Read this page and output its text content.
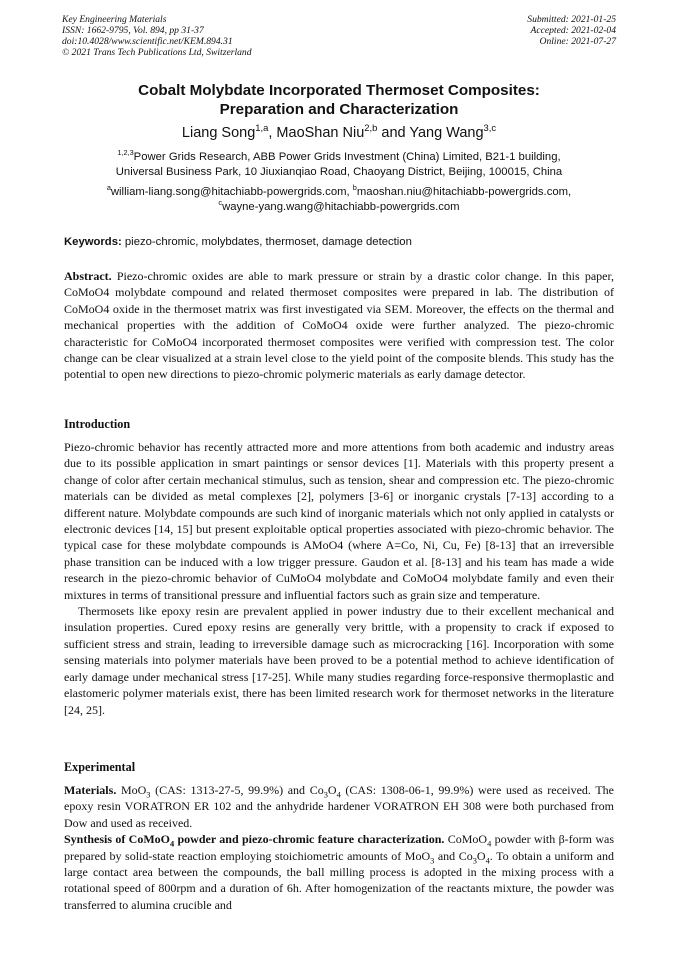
Key Engineering Materials
ISSN: 1662-9795, Vol. 894, pp 31-37
doi:10.4028/www.scientific.net/KEM.894.31
© 2021 Trans Tech Publications Ltd, Switzerland
Submitted: 2021-01-25
Accepted: 2021-02-04
Online: 2021-07-27
Cobalt Molybdate Incorporated Thermoset Composites:
Preparation and Characterization
Liang Song$^{1,a}$, MaoShan Niu$^{2,b}$ and Yang Wang$^{3,c}$
$^{1,2,3}$Power Grids Research, ABB Power Grids Investment (China) Limited, B21-1 building,
Universal Business Park, 10 Jiuxianqiao Road, Chaoyang District, Beijing, 100015, China
$^a$william-liang.song@hitachiabb-powergrids.com, $^b$maoshan.niu@hitachiabb-powergrids.com,
$^c$wayne-yang.wang@hitachiabb-powergrids.com
Keywords: piezo-chromic, molybdates, thermoset, damage detection

Abstract. Piezo-chromic oxides are able to mark pressure or strain by a drastic color change. In this paper, CoMoO4 molybdate compound and related thermoset composites were prepared in lab. The distribution of CoMoO4 oxide in the thermoset matrix was first investigated via SEM. Moreover, the effects on the thermal and mechanical properties with the addition of CoMoO4 oxide were further analyzed. The piezo-chromic characteristic for CoMoO4 incorporated thermoset composites were verified with compression test. The color change can be clear visualized at a strain level close to the yield point of the composite blends. This study has the potential to open new directions to piezo-chromic polymeric materials as early damage detector.

Introduction

Piezo-chromic behavior has recently attracted more and more attentions from both academic and industry areas due to its possible application in smart paintings or sensor devices [1]. Materials with this property present a change of color after certain mechanical stimulus, such as tension, shear and compression etc. The piezo-chromic materials can be divided as metal complexes [2], polymers [3-6] or inorganic crystals [7-13] according to a different nature. Molybdate compounds are such kind of inorganic materials which not only applied in catalysts or electronic devices [14, 15] but present exploitable optical properties associated with piezo-chromic behavior. The typical case for these molybdate compounds is AMoO4 (where A=Co, Ni, Cu, Fe) [8-13] that an irreversible phase transition can be induced with a low trigger pressure. Gaudon et al. [8-13] and his team has made a wide research in the piezo-chromic behavior of CuMoO4 molybdate and CoMoO4 molybdate family and even their mixtures in terms of transitional pressure and influential factors such as grain size and temperature.

Thermosets like epoxy resin are prevalent applied in power industry due to their excellent mechanical and insulation properties. Cured epoxy resins are generally very brittle, with a propensity to crack if exposed to sufficient stress and strain, leading to irreversible damage such as microcracking [16]. Incorporation with some sensing materials into polymer materials have been proved to be a potential method to achieve identification of early damage under mechanical stress [17-25]. While many studies regarding force-responsive thermoplastic and elastomeric polymer materials exist, there has been limited research work for thermoset networks in the literature [24, 25].

Experimental

Materials. MoO$_3$ (CAS: 1313-27-5, 99.9%) and $Co_3O_4$ (CAS: 1308-06-1, 99.9%) were used as received. The epoxy resin VORATRON ER 102 and the anhydride hardener VORATRON EH 308 were both purchased from Dow and used as received.

Synthesis of CoMoO$_4$ powder and piezo-chromic feature characterization. CoMoO$_4$ powder with β-form was prepared by solid-state reaction employing stoichiometric amounts of MoO$_3$ and $Co_3O_4$. To obtain a uniform and large contact area between the compounds, the ball milling process is adopted in the mixing process with a rotational speed of 800rpm and a duration of 6h. After homogenization of the reactants mixture, the powder was transferred to alumina crucible and
